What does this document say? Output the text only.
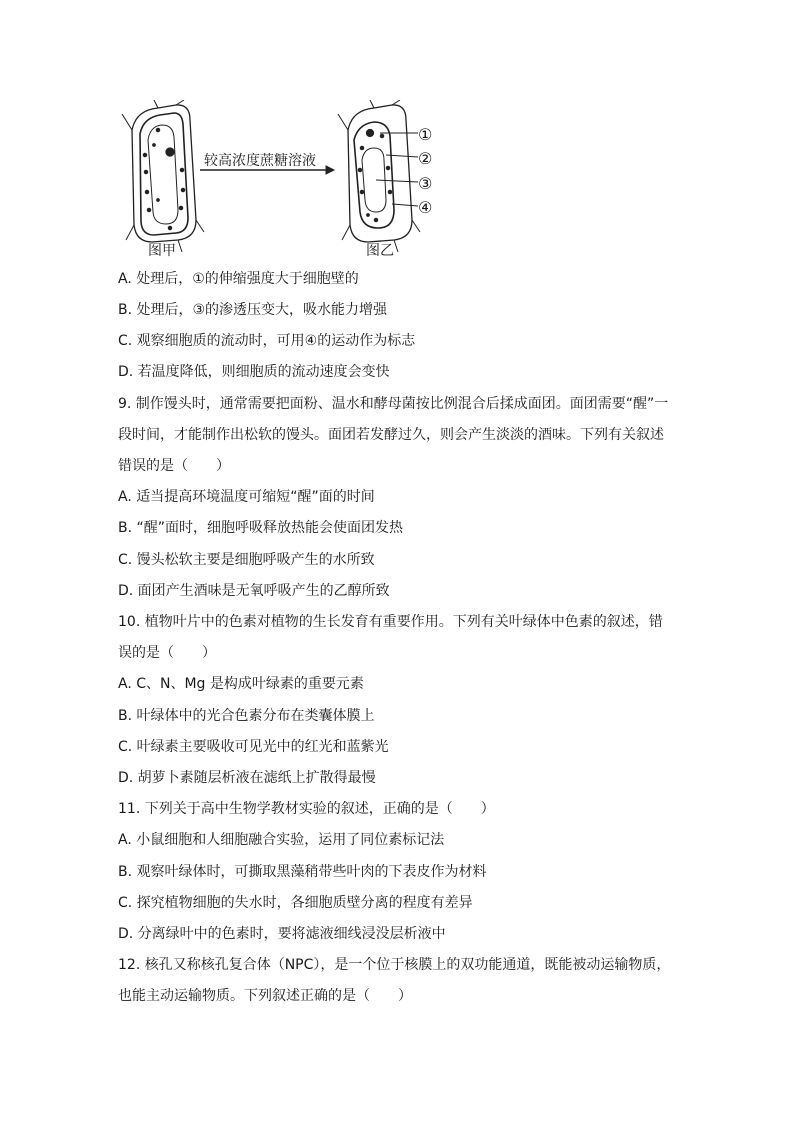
较高浓度蔗糖溶液
图甲	图乙
①
②
③
④
A. 处理后，①的伸缩强度大于细胞壁的
B. 处理后，③的渗透压变大，吸水能力增强
C. 观察细胞质的流动时，可用④的运动作为标志
D. 若温度降低，则细胞质的流动速度会变快
9. 制作馒头时，通常需要把面粉、温水和酵母菌按比例混合后揉成面团。面团需要“醒”一
段时间，才能制作出松软的馒头。面团若发酵过久，则会产生淡淡的酒味。下列有关叙述
错误的是（　　）
A. 适当提高环境温度可缩短“醒”面的时间
B. “醒”面时，细胞呼吸释放热能会使面团发热
C. 馒头松软主要是细胞呼吸产生的水所致
D. 面团产生酒味是无氧呼吸产生的乙醇所致
10. 植物叶片中的色素对植物的生长发育有重要作用。下列有关叶绿体中色素的叙述，错
误的是（　　）
A. C、N、Mg 是构成叶绿素的重要元素
B. 叶绿体中的光合色素分布在类囊体膜上
C. 叶绿素主要吸收可见光中的红光和蓝紫光
D. 胡萝卜素随层析液在滤纸上扩散得最慢
11. 下列关于高中生物学教材实验的叙述，正确的是（　　）
A. 小鼠细胞和人细胞融合实验，运用了同位素标记法
B. 观察叶绿体时，可撕取黑藻稍带些叶肉的下表皮作为材料
C. 探究植物细胞的失水时，各细胞质壁分离的程度有差异
D. 分离绿叶中的色素时，要将滤液细线浸没层析液中
12. 核孔又称核孔复合体（NPC），是一个位于核膜上的双功能通道，既能被动运输物质，
也能主动运输物质。下列叙述正确的是（　　）
